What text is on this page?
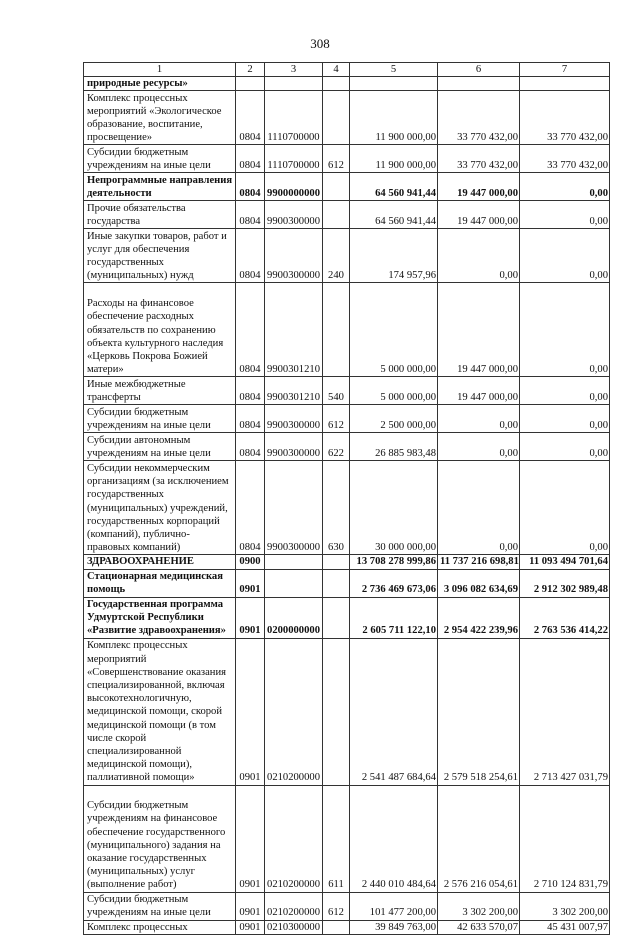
308
1	2	3	4	5	6	7
природные ресурсы»						
Комплекс процессных мероприятий «Экологическое образование, воспитание, просвещение»	0804	1110700000		11 900 000,00	33 770 432,00	33 770 432,00
Субсидии бюджетным учреждениям на иные цели	0804	1110700000	612	11 900 000,00	33 770 432,00	33 770 432,00
Непрограммные направления деятельности	0804	9900000000		64 560 941,44	19 447 000,00	0,00
Прочие обязательства государства	0804	9900300000		64 560 941,44	19 447 000,00	0,00
Иные закупки товаров, работ и услуг для обеспечения государственных (муниципальных) нужд	0804	9900300000	240	174 957,96	0,00	0,00
Расходы на финансовое обеспечение расходных обязательств по сохранению объекта культурного наследия «Церковь Покрова Божией матери»	0804	9900301210		5 000 000,00	19 447 000,00	0,00
Иные межбюджетные трансферты	0804	9900301210	540	5 000 000,00	19 447 000,00	0,00
Субсидии бюджетным учреждениям на иные цели	0804	9900300000	612	2 500 000,00	0,00	0,00
Субсидии автономным учреждениям на иные цели	0804	9900300000	622	26 885 983,48	0,00	0,00
Субсидии некоммерческим организациям (за исключением государственных (муниципальных) учреждений, государственных корпораций (компаний), публично-правовых компаний)	0804	9900300000	630	30 000 000,00	0,00	0,00
ЗДРАВООХРАНЕНИЕ	0900			13 708 278 999,86	11 737 216 698,81	11 093 494 701,64
Стационарная медицинская помощь	0901			2 736 469 673,06	3 096 082 634,69	2 912 302 989,48
Государственная программа Удмуртской Республики «Развитие здравоохранения»	0901	0200000000		2 605 711 122,10	2 954 422 239,96	2 763 536 414,22
Комплекс процессных мероприятий «Совершенствование оказания специализированной, включая высокотехнологичную, медицинской помощи, скорой медицинской помощи (в том числе скорой специализированной медицинской помощи), паллиативной помощи»	0901	0210200000		2 541 487 684,64	2 579 518 254,61	2 713 427 031,79
Субсидии бюджетным учреждениям на финансовое обеспечение государственного (муниципального) задания на оказание государственных (муниципальных) услуг (выполнение работ)	0901	0210200000	611	2 440 010 484,64	2 576 216 054,61	2 710 124 831,79
Субсидии бюджетным учреждениям на иные цели	0901	0210200000	612	101 477 200,00	3 302 200,00	3 302 200,00
Комплекс процессных	0901	0210300000		39 849 763,00	42 633 570,07	45 431 007,97
